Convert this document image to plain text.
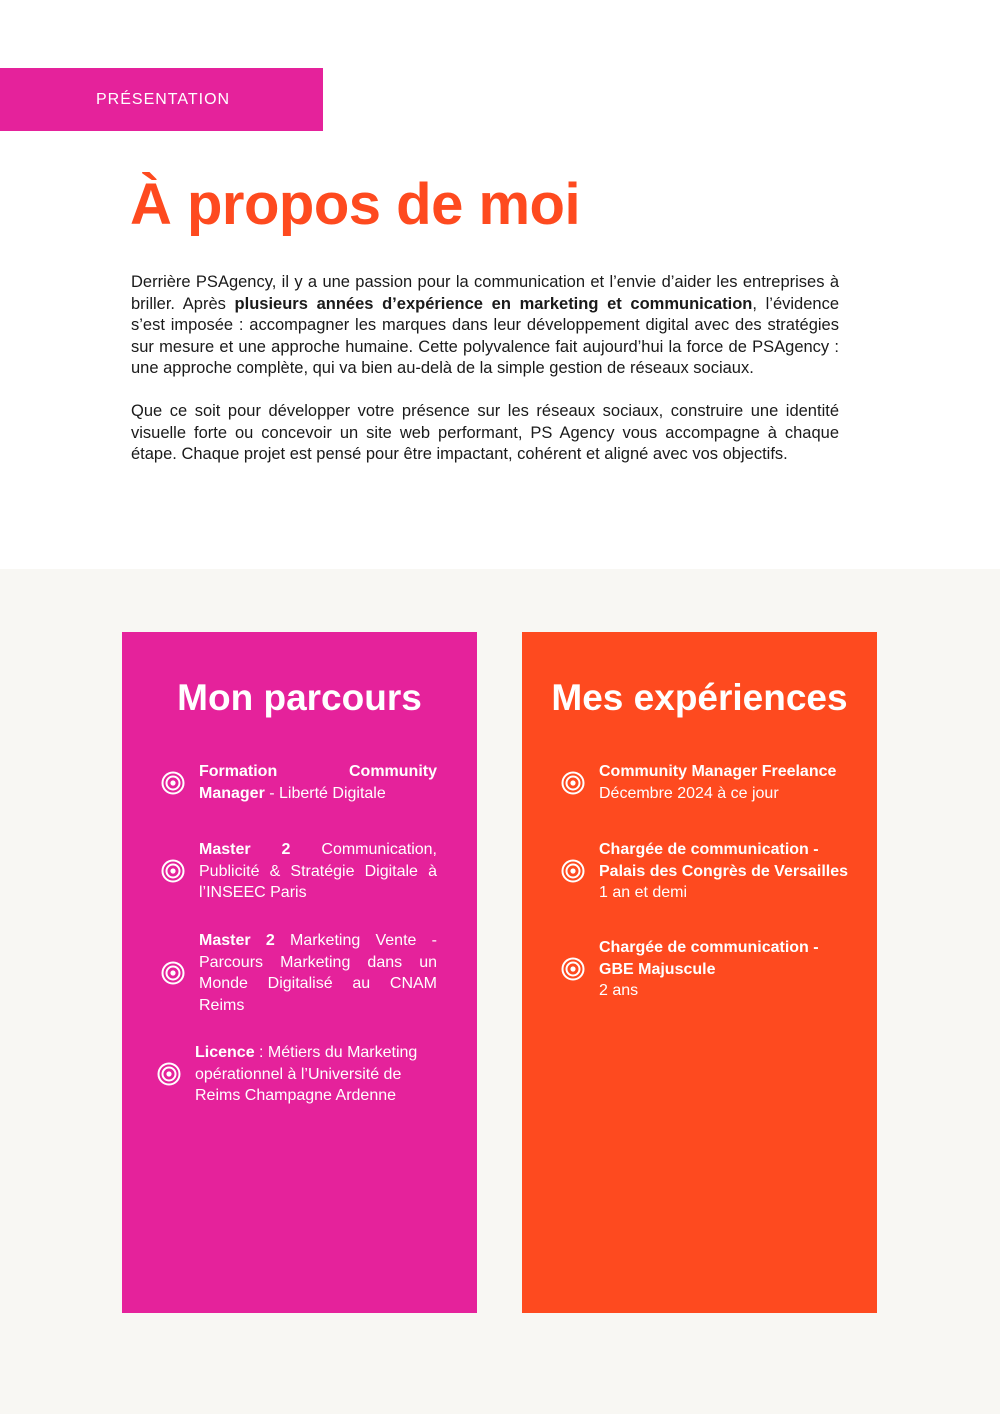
PRÉSENTATION
À propos de moi

Derrière PSAgency, il y a une passion pour la communication et l’envie d’aider les entreprises à briller. Après plusieurs années d’expérience en marketing et communication, l’évidence s’est imposée : accompagner les marques dans leur développement digital avec des stratégies sur mesure et une approche humaine. Cette polyvalence fait aujourd’hui la force de PSAgency : une approche complète, qui va bien au-delà de la simple gestion de réseaux sociaux.

Que ce soit pour développer votre présence sur les réseaux sociaux, construire une identité visuelle forte ou concevoir un site web performant, PS Agency vous accompagne à chaque étape. Chaque projet est pensé pour être impactant, cohérent et aligné avec vos objectifs.

Mon parcours
Formation Community Manager - Liberté Digitale
Master 2 Communication, Publicité & Stratégie Digitale à l’INSEEC Paris
Master 2 Marketing Vente - Parcours Marketing dans un Monde Digitalisé au CNAM Reims
Licence : Métiers du Marketing opérationnel à l’Université de Reims Champagne Ardenne
Mes expériences
Community Manager Freelance
Décembre 2024 à ce jour
Chargée de communication - Palais des Congrès de Versailles
1 an et demi
Chargée de communication - GBE Majuscule
2 ans
